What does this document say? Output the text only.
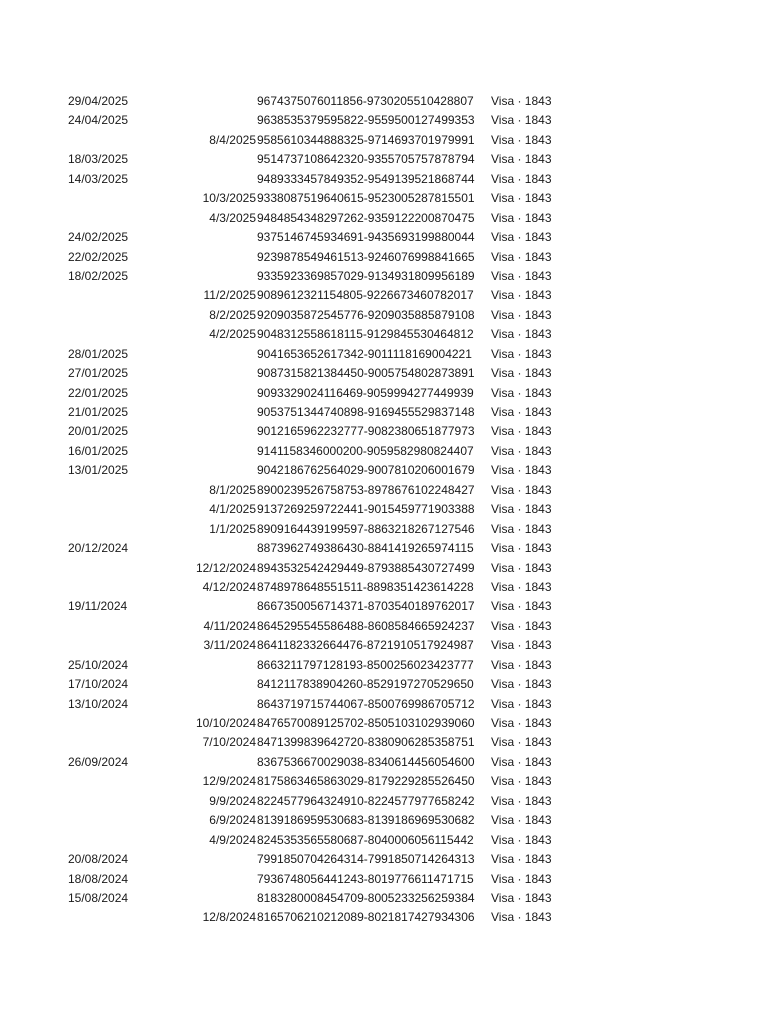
29/04/2025	9674375076011856-9730205510428807	Visa · 1843
24/04/2025	9638535379595822-9559500127499353	Visa · 1843
8/4/2025 9585610344888325-9714693701979991	Visa · 1843
18/03/2025	9514737108642320-9355705757878794	Visa · 1843
14/03/2025	9489333457849352-9549139521868744	Visa · 1843
10/3/2025 9338087519640615-9523005287815501	Visa · 1843
4/3/2025 9484854348297262-9359122200870475	Visa · 1843
24/02/2025	9375146745934691-9435693199880044	Visa · 1843
22/02/2025	9239878549461513-9246076998841665	Visa · 1843
18/02/2025	9335923369857029-9134931809956189	Visa · 1843
11/2/2025 9089612321154805-9226673460782017	Visa · 1843
8/2/2025 9209035872545776-9209035885879108	Visa · 1843
4/2/2025 9048312558618115-9129845530464812	Visa · 1843
28/01/2025	9041653652617342-9011118169004221	Visa · 1843
27/01/2025	9087315821384450-9005754802873891	Visa · 1843
22/01/2025	9093329024116469-9059994277449939	Visa · 1843
21/01/2025	9053751344740898-9169455529837148	Visa · 1843
20/01/2025	9012165962232777-9082380651877973	Visa · 1843
16/01/2025	9141158346000200-9059582980824407	Visa · 1843
13/01/2025	9042186762564029-9007810206001679	Visa · 1843
8/1/2025 8900239526758753-8978676102248427	Visa · 1843
4/1/2025 9137269259722441-9015459771903388	Visa · 1843
1/1/2025 8909164439199597-8863218267127546	Visa · 1843
20/12/2024	8873962749386430-8841419265974115	Visa · 1843
12/12/2024 8943532542429449-8793885430727499	Visa · 1843
4/12/2024 8748978648551511-8898351423614228	Visa · 1843
19/11/2024	8667350056714371-8703540189762017	Visa · 1843
4/11/2024 8645295545586488-8608584665924237	Visa · 1843
3/11/2024 8641182332664476-8721910517924987	Visa · 1843
25/10/2024	8663211797128193-8500256023423777	Visa · 1843
17/10/2024	8412117838904260-8529197270529650	Visa · 1843
13/10/2024	8643719715744067-8500769986705712	Visa · 1843
10/10/2024 8476570089125702-8505103102939060	Visa · 1843
7/10/2024 8471399839642720-8380906285358751	Visa · 1843
26/09/2024	8367536670029038-8340614456054600	Visa · 1843
12/9/2024 8175863465863029-8179229285526450	Visa · 1843
9/9/2024 8224577964324910-8224577977658242	Visa · 1843
6/9/2024 8139186959530683-8139186969530682	Visa · 1843
4/9/2024 8245353565580687-8040006056115442	Visa · 1843
20/08/2024	7991850704264314-7991850714264313	Visa · 1843
18/08/2024	7936748056441243-8019776611471715	Visa · 1843
15/08/2024	8183280008454709-8005233256259384	Visa · 1843
12/8/2024 8165706210212089-8021817427934306	Visa · 1843
